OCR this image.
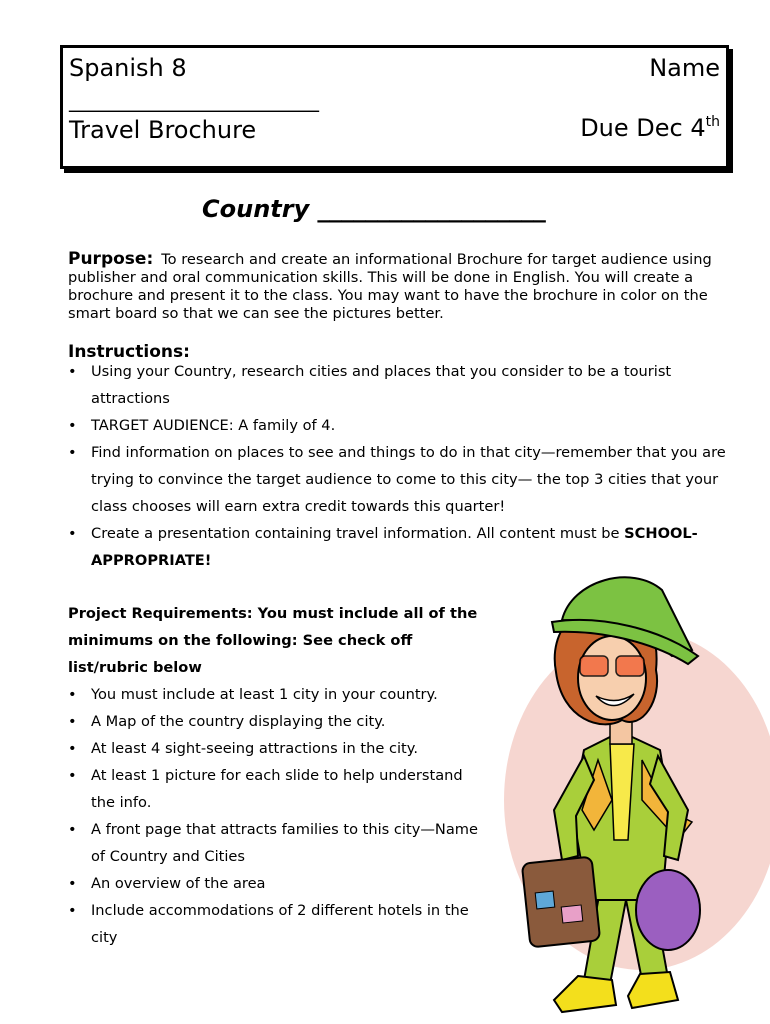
Spanish 8	Name
_________________________
Travel Brochure	Due Dec 4th
Country ___________________
Purpose: To research and create an informational Brochure for target audience using publisher and oral communication skills. This will be done in English. You will create a brochure and present it to the class. You may want to have the brochure in color on the smart board so that we can see the pictures better.
Instructions:
• Using your Country, research cities and places that you consider to be a tourist attractions
• TARGET AUDIENCE: A family of 4.
• Find information on places to see and things to do in that city—remember that you are trying to convince the target audience to come to this city— the top 3 cities that your class chooses will earn extra credit towards this quarter!
• Create a presentation containing travel information. All content must be SCHOOL-APPROPRIATE!
Project Requirements: You must include all of the minimums on the following: See check off list/rubric below
• You must include at least 1 city in your country.
• A Map of the country displaying the city.
• At least 4 sight-seeing attractions in the city.
• At least 1 picture for each slide to help understand the info.
• A front page that attracts families to this city—Name of Country and Cities
• An overview of the area
• Include accommodations of 2 different hotels in the city
